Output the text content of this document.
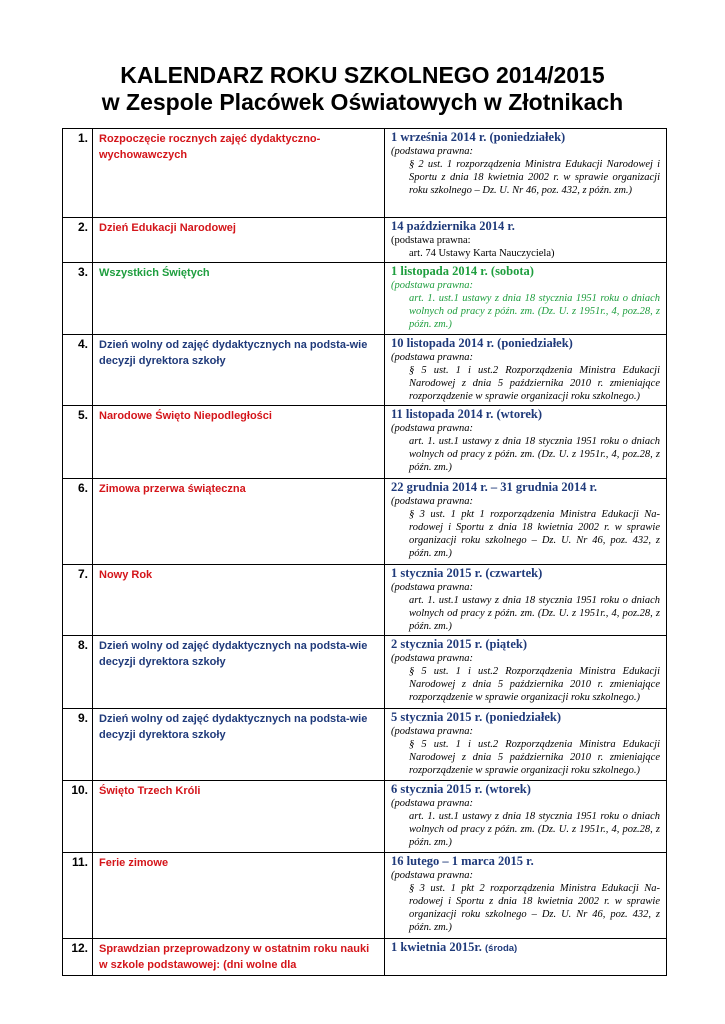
KALENDARZ ROKU SZKOLNEGO 2014/2015
w Zespole Placówek Oświatowych w Złotnikach
1.	Rozpoczęcie rocznych zajęć dydaktyczno-wychowawczych	1 września 2014 r. (poniedziałek)
(podstawa prawna:
§ 2 ust. 1 rozporządzenia Ministra Edukacji Narodowej i Sportu z dnia 18 kwietnia 2002 r. w sprawie organizacji roku szkolnego – Dz. U. Nr 46, poz. 432, z późn. zm.)

2.	Dzień Edukacji Narodowej	14 października 2014 r.
(podstawa prawna:
art. 74 Ustawy Karta Nauczyciela)

3.	Wszystkich Świętych	1 listopada 2014 r. (sobota)
(podstawa prawna:
art. 1. ust.1 ustawy z dnia 18 stycznia 1951 roku o dniach wolnych od pracy z późn. zm. (Dz. U. z 1951r., 4, poz.28, z późn. zm.)

4.	Dzień wolny od zajęć dydaktycznych na podsta-wie decyzji dyrektora szkoły	10 listopada 2014 r. (poniedziałek)
(podstawa prawna:
§ 5 ust. 1 i ust.2 Rozporządzenia Ministra Edukacji Narodowej z dnia 5 października 2010 r. zmieniające rozporządzenie w sprawie organizacji roku szkolnego.)

5.	Narodowe Święto Niepodległości	11 listopada 2014 r. (wtorek)
(podstawa prawna:
art. 1. ust.1 ustawy z dnia 18 stycznia 1951 roku o dniach wolnych od pracy z późn. zm. (Dz. U. z 1951r., 4, poz.28, z późn. zm.)

6.	Zimowa przerwa świąteczna	22 grudnia 2014 r. – 31 grudnia 2014 r.
(podstawa prawna:
§ 3 ust. 1 pkt 1 rozporządzenia Ministra Edukacji Na-rodowej i Sportu z dnia 18 kwietnia 2002 r. w sprawie organizacji roku szkolnego – Dz. U. Nr 46, poz. 432, z późn. zm.)

7.	Nowy Rok	1 stycznia 2015 r. (czwartek)
(podstawa prawna:
art. 1. ust.1 ustawy z dnia 18 stycznia 1951 roku o dniach wolnych od pracy z późn. zm. (Dz. U. z 1951r., 4, poz.28, z późn. zm.)

8.	Dzień wolny od zajęć dydaktycznych na podsta-wie decyzji dyrektora szkoły	2 stycznia 2015 r. (piątek)
(podstawa prawna:
§ 5 ust. 1 i ust.2 Rozporządzenia Ministra Edukacji Narodowej z dnia 5 października 2010 r. zmieniające rozporządzenie w sprawie organizacji roku szkolnego.)

9.	Dzień wolny od zajęć dydaktycznych na podsta-wie decyzji dyrektora szkoły	5 stycznia 2015 r. (poniedziałek)
(podstawa prawna:
§ 5 ust. 1 i ust.2 Rozporządzenia Ministra Edukacji Narodowej z dnia 5 października 2010 r. zmieniające rozporządzenie w sprawie organizacji roku szkolnego.)

10.	Święto Trzech Króli	6 stycznia 2015 r. (wtorek)
(podstawa prawna:
art. 1. ust.1 ustawy z dnia 18 stycznia 1951 roku o dniach wolnych od pracy z późn. zm. (Dz. U. z 1951r., 4, poz.28, z późn. zm.)

11.	Ferie zimowe	16 lutego – 1 marca 2015 r.
(podstawa prawna:
§ 3 ust. 1 pkt 2 rozporządzenia Ministra Edukacji Na-rodowej i Sportu z dnia 18 kwietnia 2002 r. w sprawie organizacji roku szkolnego – Dz. U. Nr 46, poz. 432, z późn. zm.)

12.	Sprawdzian przeprowadzony w ostatnim roku nauki w szkole podstawowej: (dni wolne dla	1 kwietnia 2015r. (środa)
